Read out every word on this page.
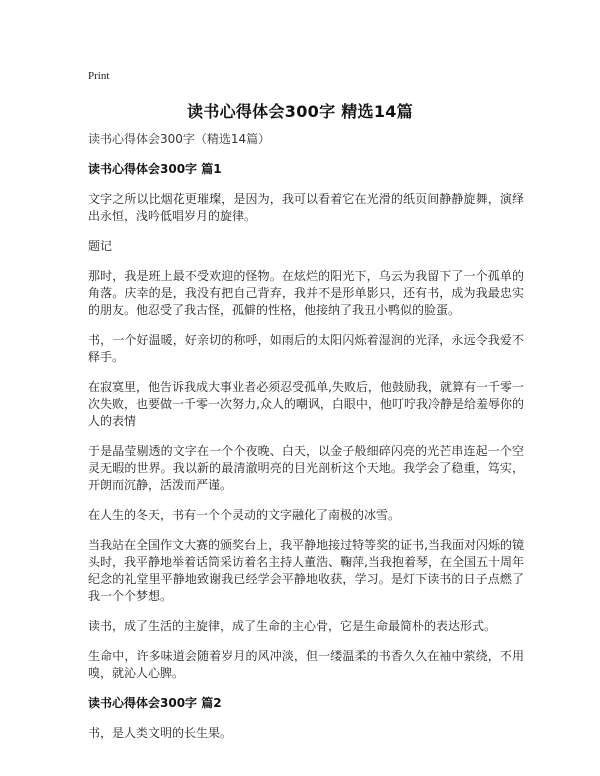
Print
读书心得体会300字 精选14篇

读书心得体会300字（精选14篇）

读书心得体会300字 篇1

文字之所以比烟花更璀璨，是因为，我可以看着它在光滑的纸页间静静旋舞，演绎出永恒，浅吟低唱岁月的旋律。

题记

那时，我是班上最不受欢迎的怪物。在炫烂的阳光下，乌云为我留下了一个孤单的角落。庆幸的是，我没有把自己背弃，我并不是形单影只，还有书，成为我最忠实的朋友。他忍受了我古怪，孤僻的性格，他接纳了我丑小鸭似的脸蛋。

书，一个好温暖，好亲切的称呼，如雨后的太阳闪烁着湿润的光泽，永远令我爱不释手。

在寂寞里，他告诉我成大事业者必须忍受孤单,失败后，他鼓励我，就算有一千零一次失败，也要做一千零一次努力,众人的嘲讽，白眼中，他叮咛我冷静是给羞辱你的人的表情

于是晶莹剔透的文字在一个个夜晚、白天，以金子般细碎闪亮的光芒串连起一个空灵无暇的世界。我以新的最清澈明亮的目光剖析这个天地。我学会了稳重，笃实，开朗而沉静，活泼而严谨。

在人生的冬天，书有一个个灵动的文字融化了南极的冰雪。

当我站在全国作文大赛的颁奖台上，我平静地接过特等奖的证书,当我面对闪烁的镜头时，我平静地举着话筒采访着名主持人董浩、鞠萍,当我抱着琴，在全国五十周年纪念的礼堂里平静地致谢我已经学会平静地收获，学习。是灯下读书的日子点燃了我一个个梦想。

读书，成了生活的主旋律，成了生命的主心骨，它是生命最简朴的表达形式。

生命中，许多味道会随着岁月的风冲淡，但一缕温柔的书香久久在袖中萦绕，不用嗅，就沁人心脾。

读书心得体会300字 篇2

书，是人类文明的长生果。
